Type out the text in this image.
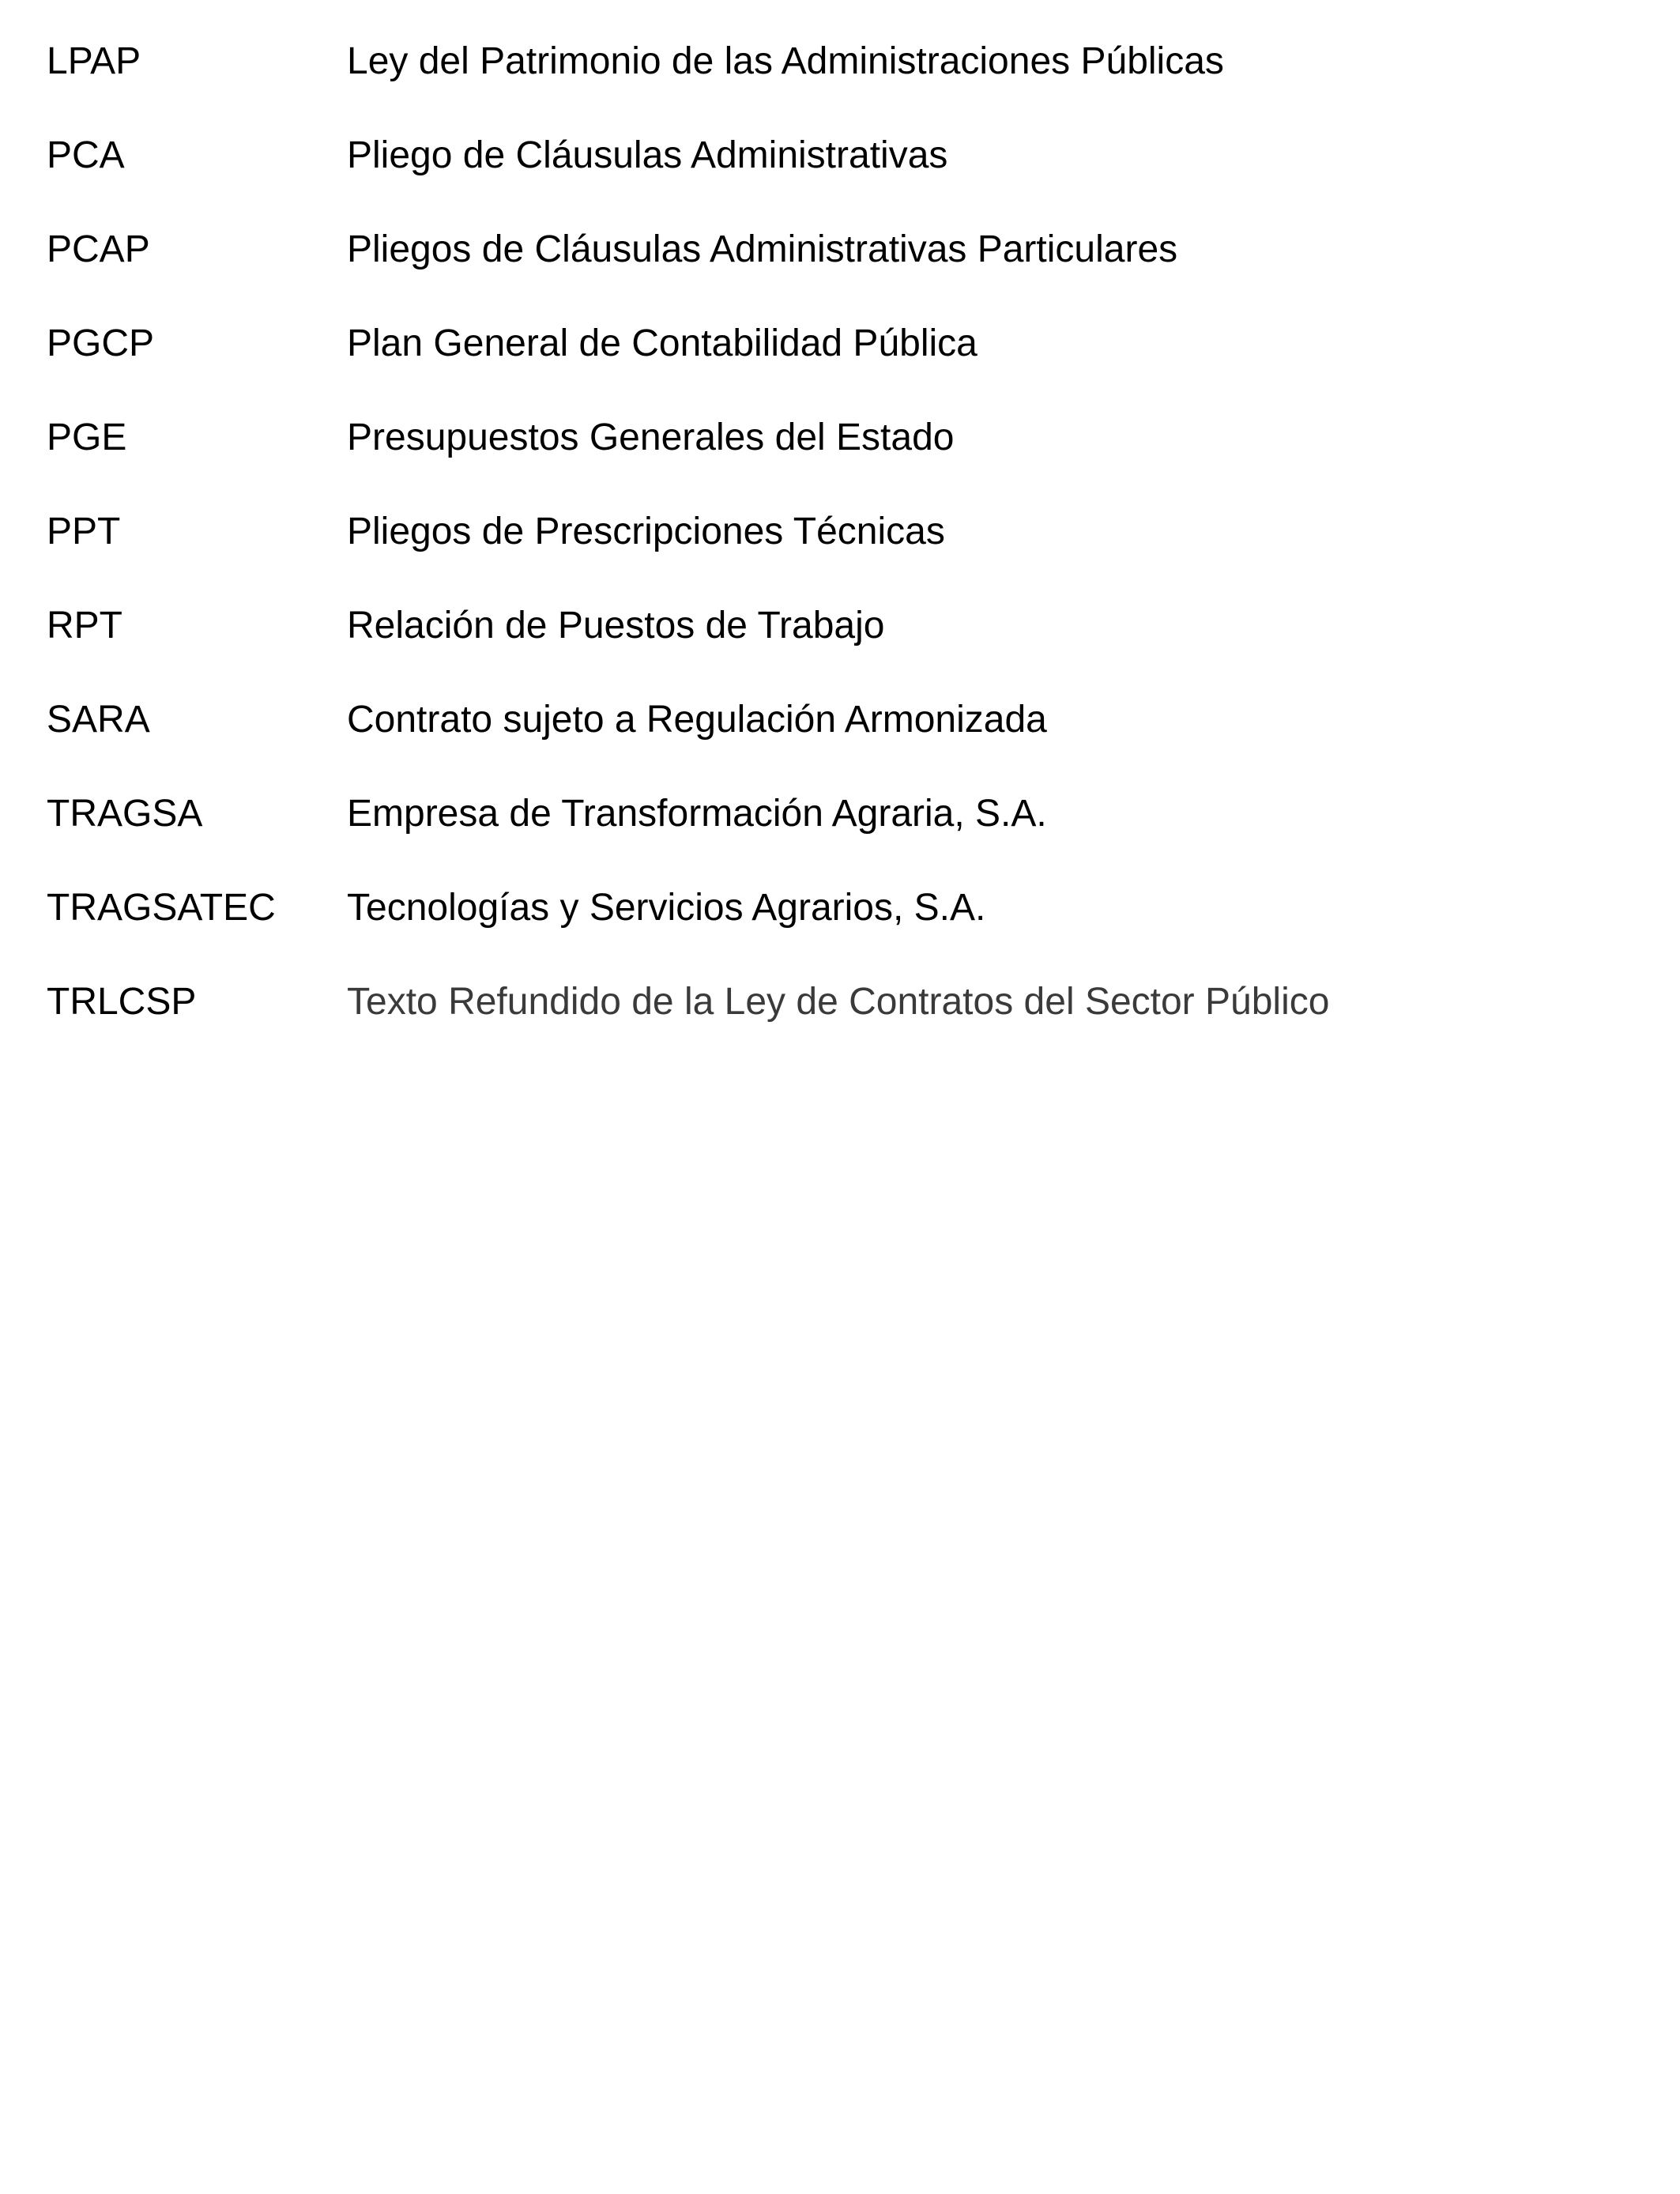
LPAP	Ley del Patrimonio de las Administraciones Públicas
PCA	Pliego de Cláusulas Administrativas
PCAP	Pliegos de Cláusulas Administrativas Particulares
PGCP	Plan General de Contabilidad Pública
PGE	Presupuestos Generales del Estado
PPT	Pliegos de Prescripciones Técnicas
RPT	Relación de Puestos de Trabajo
SARA	Contrato sujeto a Regulación Armonizada
TRAGSA	Empresa de Transformación Agraria, S.A.
TRAGSATEC	Tecnologías y Servicios Agrarios, S.A.
TRLCSP	Texto Refundido de la Ley de Contratos del Sector Público
